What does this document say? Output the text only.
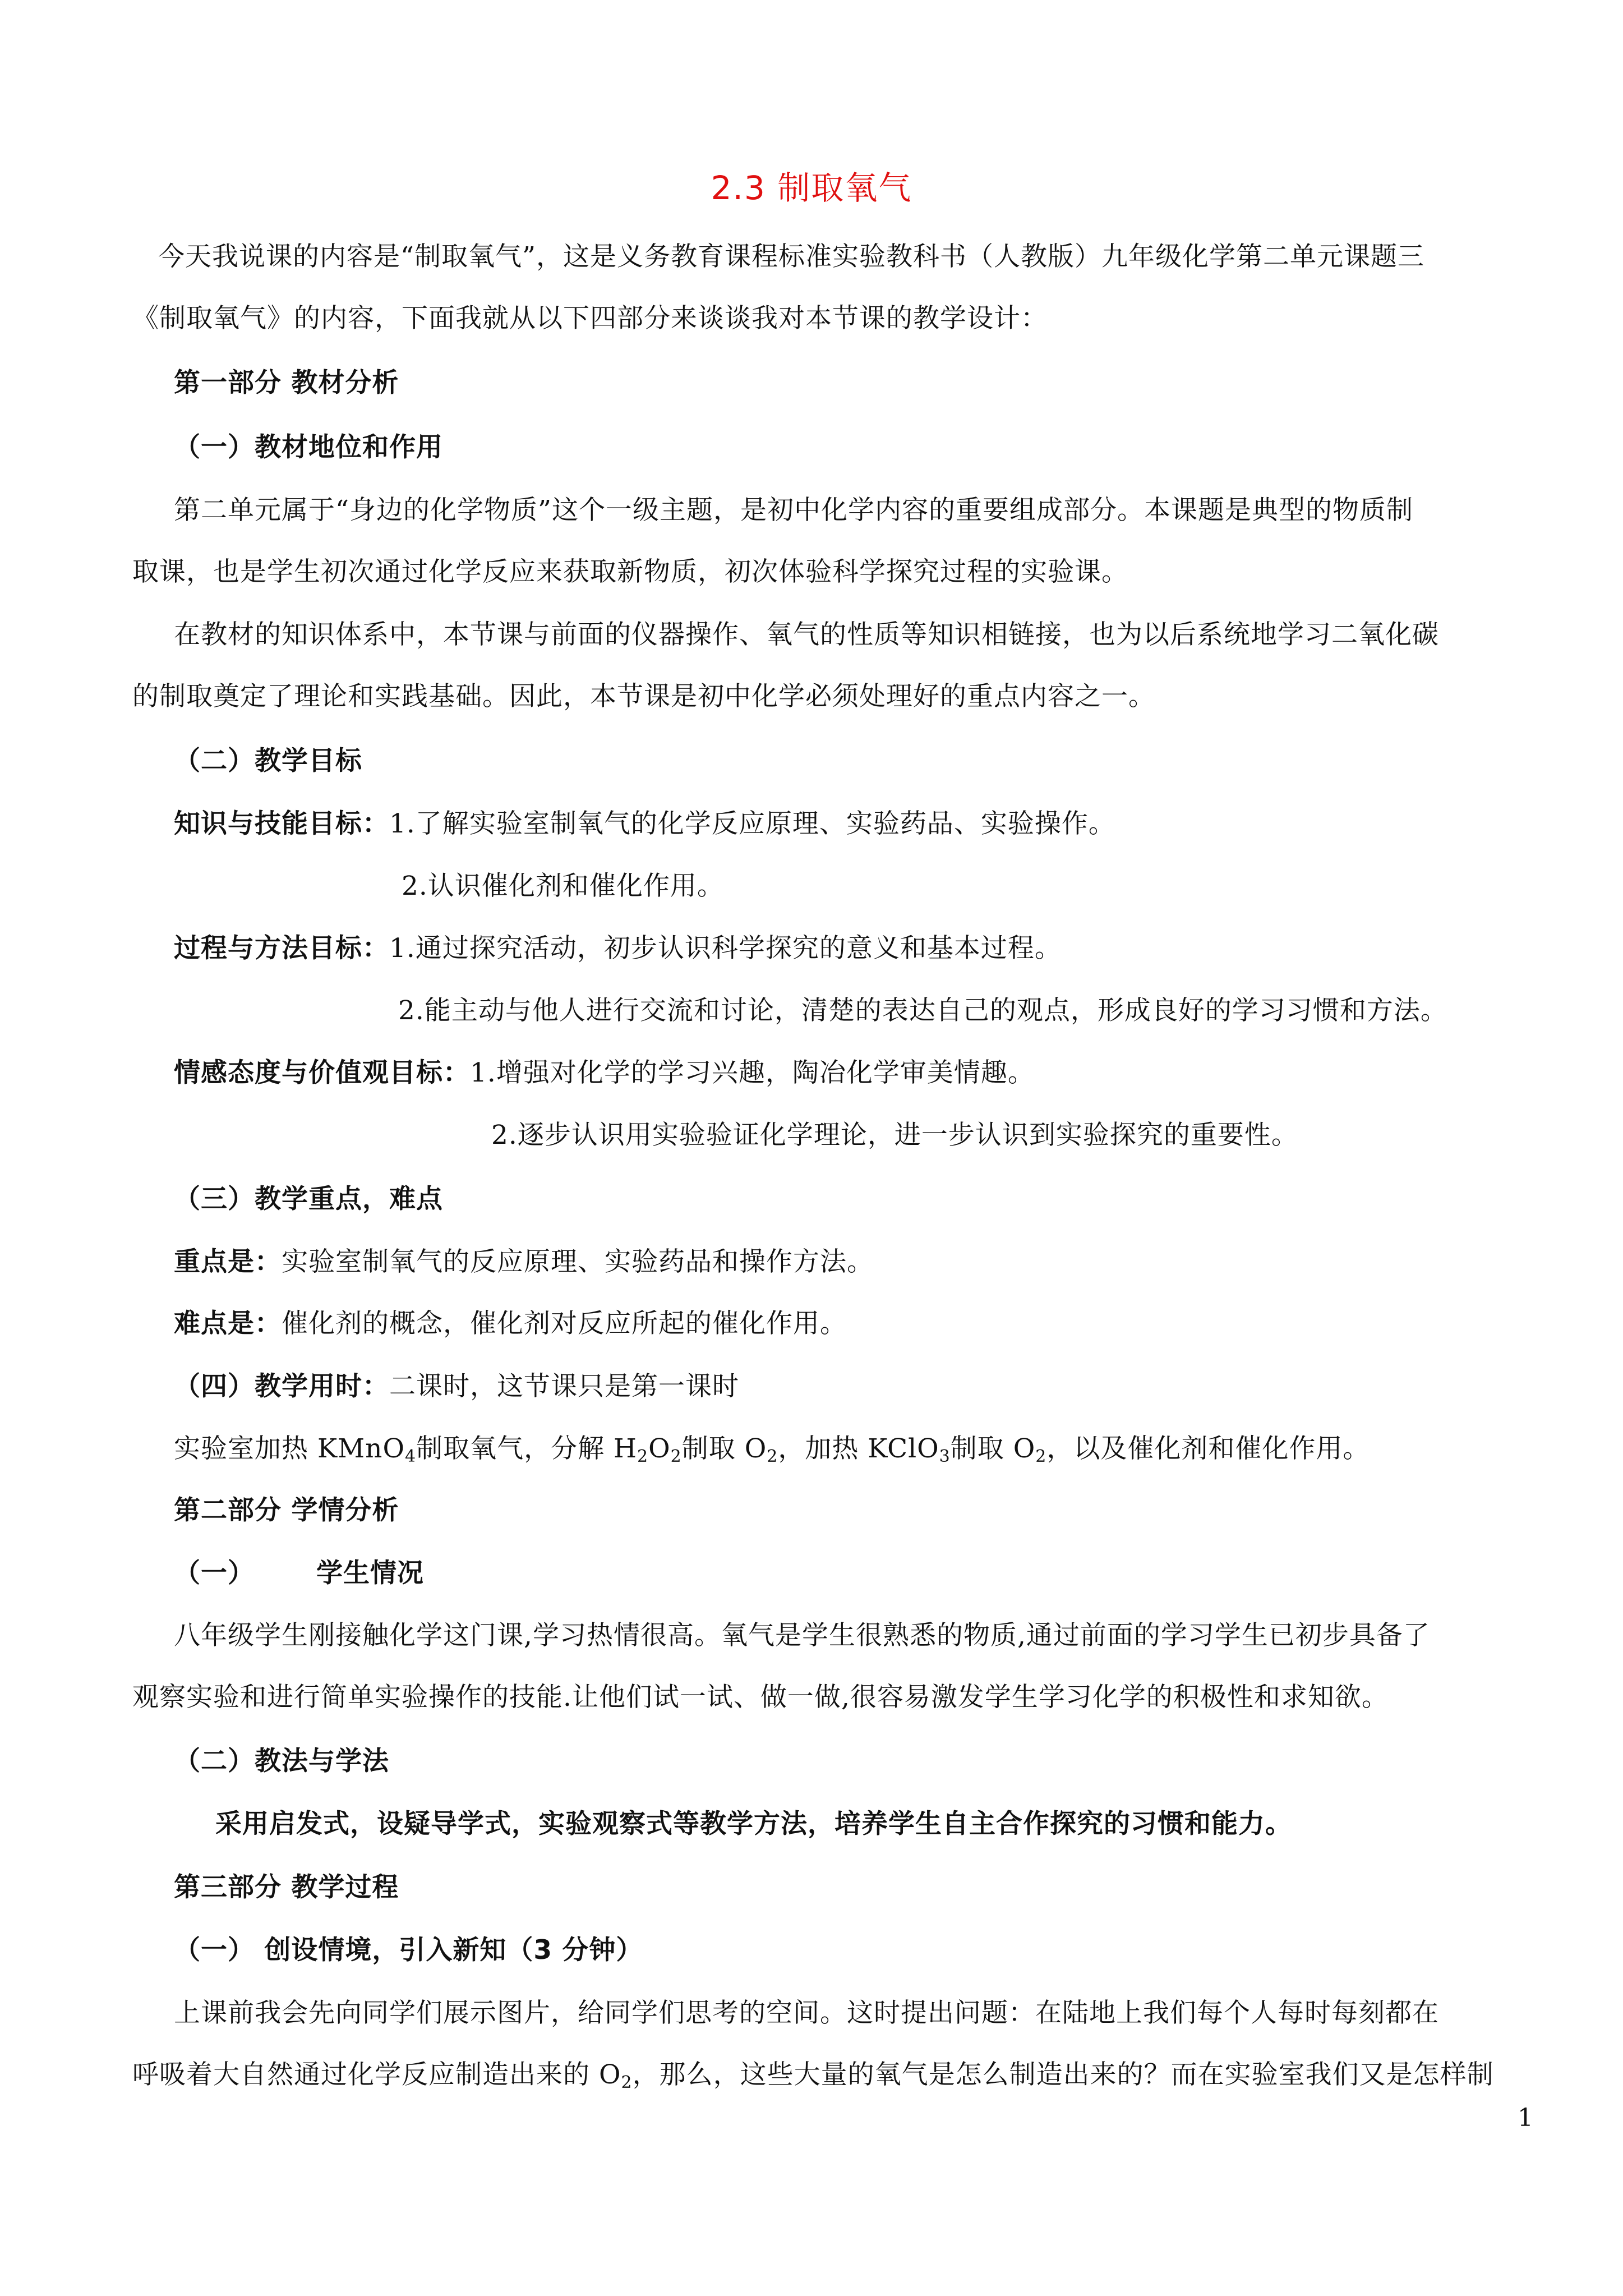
2.3 制取氧气
今天我说课的内容是“制取氧气”，这是义务教育课程标准实验教科书（人教版）九年级化学第二单元课题三
《制取氧气》的内容，下面我就从以下四部分来谈谈我对本节课的教学设计：
第一部分 教材分析
（一）教材地位和作用
第二单元属于“身边的化学物质”这个一级主题，是初中化学内容的重要组成部分。本课题是典型的物质制
取课，也是学生初次通过化学反应来获取新物质，初次体验科学探究过程的实验课。
在教材的知识体系中，本节课与前面的仪器操作、氧气的性质等知识相链接，也为以后系统地学习二氧化碳
的制取奠定了理论和实践基础。因此，本节课是初中化学必须处理好的重点内容之一。
（二）教学目标
知识与技能目标：1.了解实验室制氧气的化学反应原理、实验药品、实验操作。
2.认识催化剂和催化作用。
过程与方法目标：1.通过探究活动，初步认识科学探究的意义和基本过程。
2.能主动与他人进行交流和讨论，清楚的表达自己的观点，形成良好的学习习惯和方法。
情感态度与价值观目标：1.增强对化学的学习兴趣，陶冶化学审美情趣。
2.逐步认识用实验验证化学理论，进一步认识到实验探究的重要性。
（三）教学重点，难点
重点是：实验室制氧气的反应原理、实验药品和操作方法。
难点是：催化剂的概念，催化剂对反应所起的催化作用。
（四）教学用时：二课时，这节课只是第一课时
实验室加热 KMnO$_4$制取氧气，分解 $H_2O_2$制取 $O_2$，加热 KClO$_3$制取 $O_2$，以及催化剂和催化作用。
第二部分 学情分析
（一） 学生情况
八年级学生刚接触化学这门课,学习热情很高。氧气是学生很熟悉的物质,通过前面的学习学生已初步具备了
观察实验和进行简单实验操作的技能.让他们试一试、做一做,很容易激发学生学习化学的积极性和求知欲。
（二）教法与学法
采用启发式，设疑导学式，实验观察式等教学方法，培养学生自主合作探究的习惯和能力。
第三部分 教学过程
（一） 创设情境，引入新知（3 分钟）
上课前我会先向同学们展示图片，给同学们思考的空间。这时提出问题：在陆地上我们每个人每时每刻都在
呼吸着大自然通过化学反应制造出来的 $O_2$，那么，这些大量的氧气是怎么制造出来的？而在实验室我们又是怎样制
1
